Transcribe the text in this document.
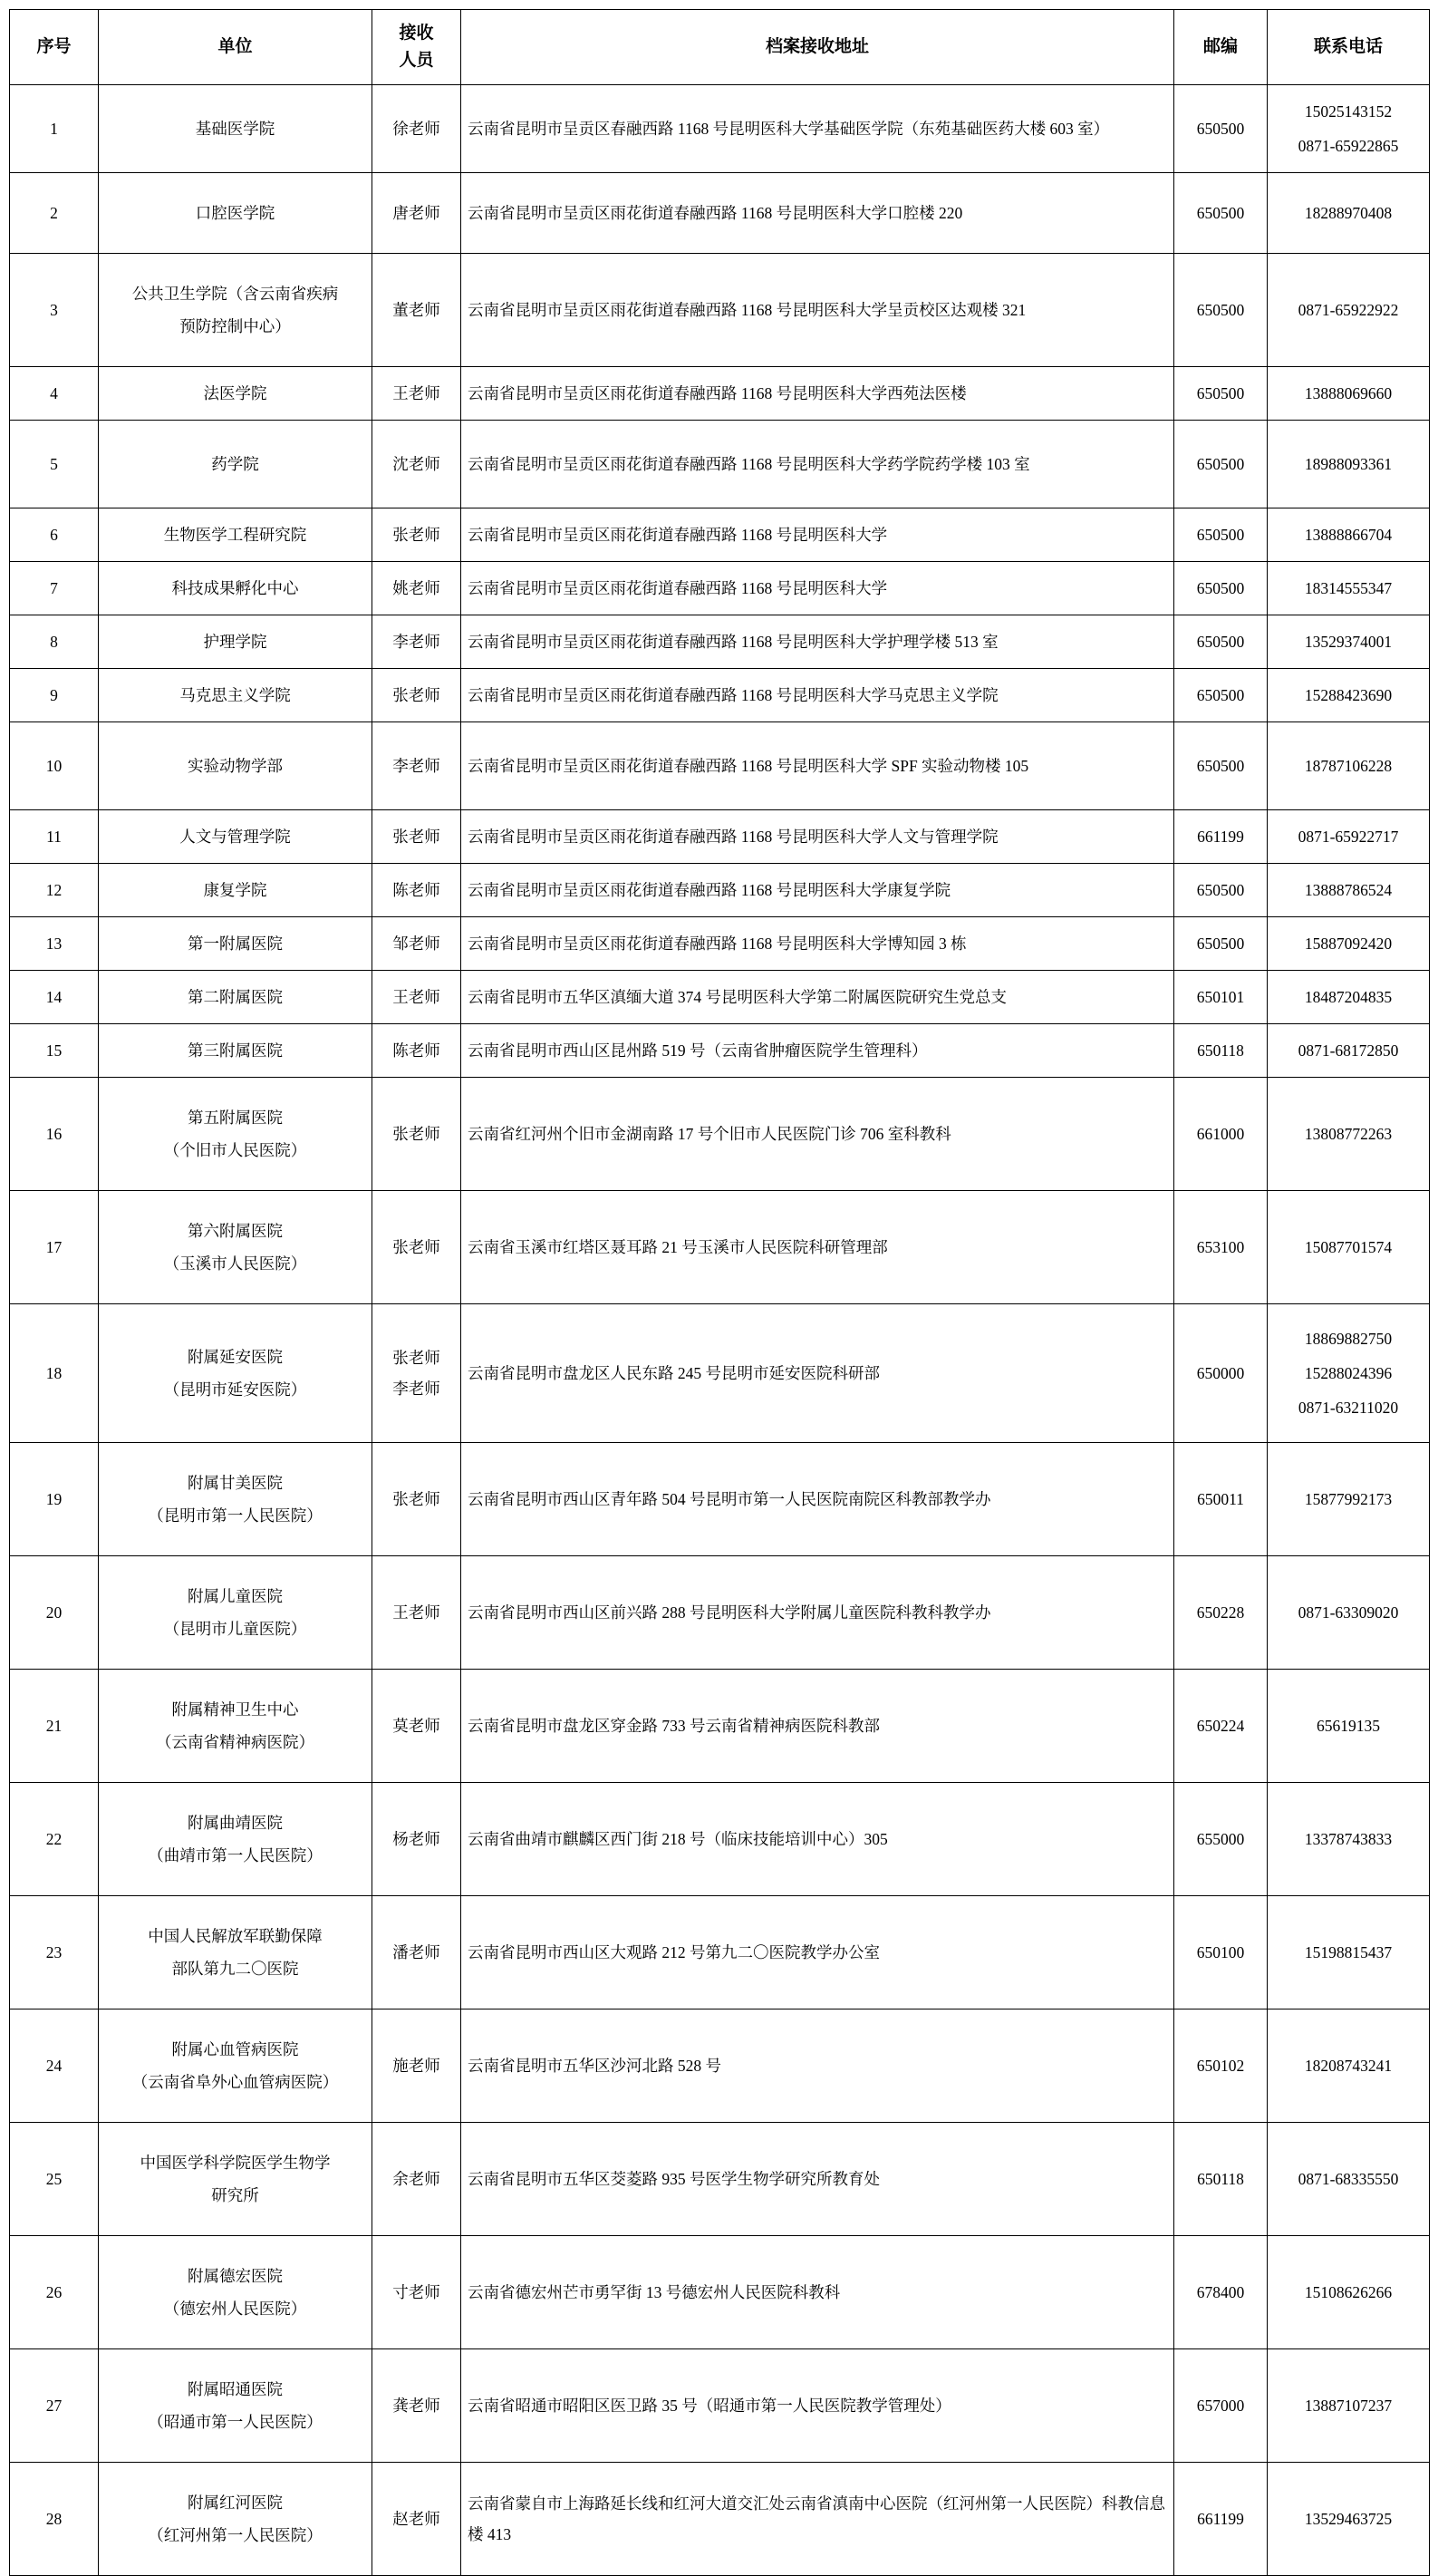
序号	单位	接收
人员	档案接收地址	邮编	联系电话
1	基础医学院	徐老师	云南省昆明市呈贡区春融西路 1168 号昆明医科大学基础医学院（东苑基础医药大楼 603 室）	650500	15025143152
0871-65922865

2	口腔医学院	唐老师	云南省昆明市呈贡区雨花街道春融西路 1168 号昆明医科大学口腔楼 220	650500	18288970408

3	公共卫生学院（含云南省疾病
预防控制中心）	董老师	云南省昆明市呈贡区雨花街道春融西路 1168 号昆明医科大学呈贡校区达观楼 321	650500	0871-65922922

4	法医学院	王老师	云南省昆明市呈贡区雨花街道春融西路 1168 号昆明医科大学西苑法医楼	650500	13888069660

5	药学院	沈老师	云南省昆明市呈贡区雨花街道春融西路 1168 号昆明医科大学药学院药学楼 103 室	650500	18988093361

6	生物医学工程研究院	张老师	云南省昆明市呈贡区雨花街道春融西路 1168 号昆明医科大学	650500	13888866704

7	科技成果孵化中心	姚老师	云南省昆明市呈贡区雨花街道春融西路 1168 号昆明医科大学	650500	18314555347

8	护理学院	李老师	云南省昆明市呈贡区雨花街道春融西路 1168 号昆明医科大学护理学楼 513 室	650500	13529374001

9	马克思主义学院	张老师	云南省昆明市呈贡区雨花街道春融西路 1168 号昆明医科大学马克思主义学院	650500	15288423690

10	实验动物学部	李老师	云南省昆明市呈贡区雨花街道春融西路 1168 号昆明医科大学 SPF 实验动物楼 105	650500	18787106228

11	人文与管理学院	张老师	云南省昆明市呈贡区雨花街道春融西路 1168 号昆明医科大学人文与管理学院	661199	0871-65922717

12	康复学院	陈老师	云南省昆明市呈贡区雨花街道春融西路 1168 号昆明医科大学康复学院	650500	13888786524

13	第一附属医院	邹老师	云南省昆明市呈贡区雨花街道春融西路 1168 号昆明医科大学博知园 3 栋	650500	15887092420

14	第二附属医院	王老师	云南省昆明市五华区滇缅大道 374 号昆明医科大学第二附属医院研究生党总支	650101	18487204835

15	第三附属医院	陈老师	云南省昆明市西山区昆州路 519 号（云南省肿瘤医院学生管理科）	650118	0871-68172850

16	第五附属医院
（个旧市人民医院）	张老师	云南省红河州个旧市金湖南路 17 号个旧市人民医院门诊 706 室科教科	661000	13808772263

17	第六附属医院
（玉溪市人民医院）	张老师	云南省玉溪市红塔区聂耳路 21 号玉溪市人民医院科研管理部	653100	15087701574

18	附属延安医院
（昆明市延安医院）	张老师
李老师	云南省昆明市盘龙区人民东路 245 号昆明市延安医院科研部	650000	18869882750
15288024396
0871-63211020

19	附属甘美医院
（昆明市第一人民医院）	张老师	云南省昆明市西山区青年路 504 号昆明市第一人民医院南院区科教部教学办	650011	15877992173

20	附属儿童医院
（昆明市儿童医院）	王老师	云南省昆明市西山区前兴路 288 号昆明医科大学附属儿童医院科教科教学办	650228	0871-63309020

21	附属精神卫生中心
（云南省精神病医院）	莫老师	云南省昆明市盘龙区穿金路 733 号云南省精神病医院科教部	650224	65619135

22	附属曲靖医院
（曲靖市第一人民医院）	杨老师	云南省曲靖市麒麟区西门街 218 号（临床技能培训中心）305	655000	13378743833

23	中国人民解放军联勤保障
部队第九二〇医院	潘老师	云南省昆明市西山区大观路 212 号第九二〇医院教学办公室	650100	15198815437

24	附属心血管病医院
（云南省阜外心血管病医院）	施老师	云南省昆明市五华区沙河北路 528 号	650102	18208743241

25	中国医学科学院医学生物学
研究所	余老师	云南省昆明市五华区茭菱路 935 号医学生物学研究所教育处	650118	0871-68335550

26	附属德宏医院
（德宏州人民医院）	寸老师	云南省德宏州芒市勇罕街 13 号德宏州人民医院科教科	678400	15108626266

27	附属昭通医院
（昭通市第一人民医院）	龚老师	云南省昭通市昭阳区医卫路 35 号（昭通市第一人民医院教学管理处）	657000	13887107237

28	附属红河医院
（红河州第一人民医院）	赵老师	云南省蒙自市上海路延长线和红河大道交汇处云南省滇南中心医院（红河州第一人民医院）科教信息楼 413	661199	13529463725
